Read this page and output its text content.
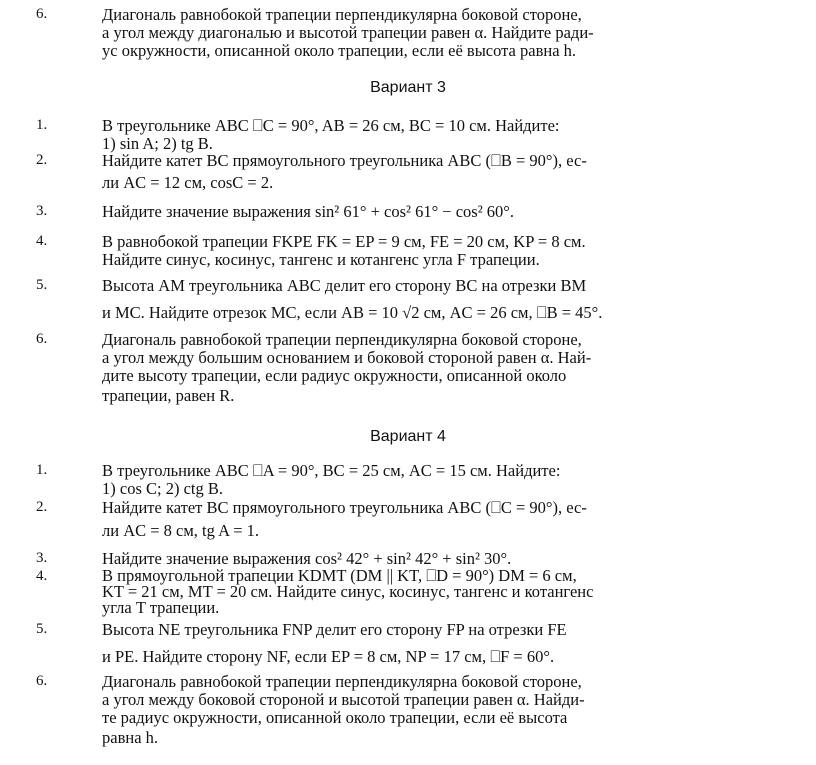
6.	Диагональ равнобокой трапеции перпендикулярна боковой стороне,
а угол между диагональю и высотой трапеции равен α. Найдите ради-
ус окружности, описанной около трапеции, если её высота равна h.
Вариант 3
1.	В треугольнике ABC ⎕C = 90°, AB = 26 см, BC = 10 см. Найдите:
1) sin A; 2) tg B.
2.	Найдите катет BC прямоугольного треугольника ABC (⎕B = 90°), ес-
ли AC = 12 см, cosC = 2.
3.	Найдите значение выражения sin² 61° + cos² 61° − cos² 60°.
4.	В равнобокой трапеции FKPE FK = EP = 9 см, FE = 20 см, KP = 8 см.
Найдите синус, косинус, тангенс и котангенс угла F трапеции.
5.	Высота AM треугольника ABC делит его сторону BC на отрезки BM
и MC. Найдите отрезок MC, если AB = 10 √2 см, AC = 26 см, ⎕B = 45°.
6.	Диагональ равнобокой трапеции перпендикулярна боковой стороне,
а угол между большим основанием и боковой стороной равен α. Най-
дите высоту трапеции, если радиус окружности, описанной около
трапеции, равен R.
Вариант 4
1.	В треугольнике ABC ⎕A = 90°, BC = 25 см, AC = 15 см. Найдите:
1) cos C; 2) ctg B.
2.	Найдите катет BC прямоугольного треугольника ABC (⎕C = 90°), ес-
ли AC = 8 см, tg A = 1.
3.	Найдите значение выражения cos² 42° + sin² 42° + sin² 30°.
4.	В прямоугольной трапеции KDMT (DM || KT, ⎕D = 90°) DM = 6 см,
KT = 21 см, MT = 20 см. Найдите синус, косинус, тангенс и котангенс
угла T трапеции.
5.	Высота NE треугольника FNP делит его сторону FP на отрезки FE
и PE. Найдите сторону NF, если EP = 8 см, NP = 17 см, ⎕F = 60°.
6.	Диагональ равнобокой трапеции перпендикулярна боковой стороне,
а угол между боковой стороной и высотой трапеции равен α. Найди-
те радиус окружности, описанной около трапеции, если её высота
равна h.
